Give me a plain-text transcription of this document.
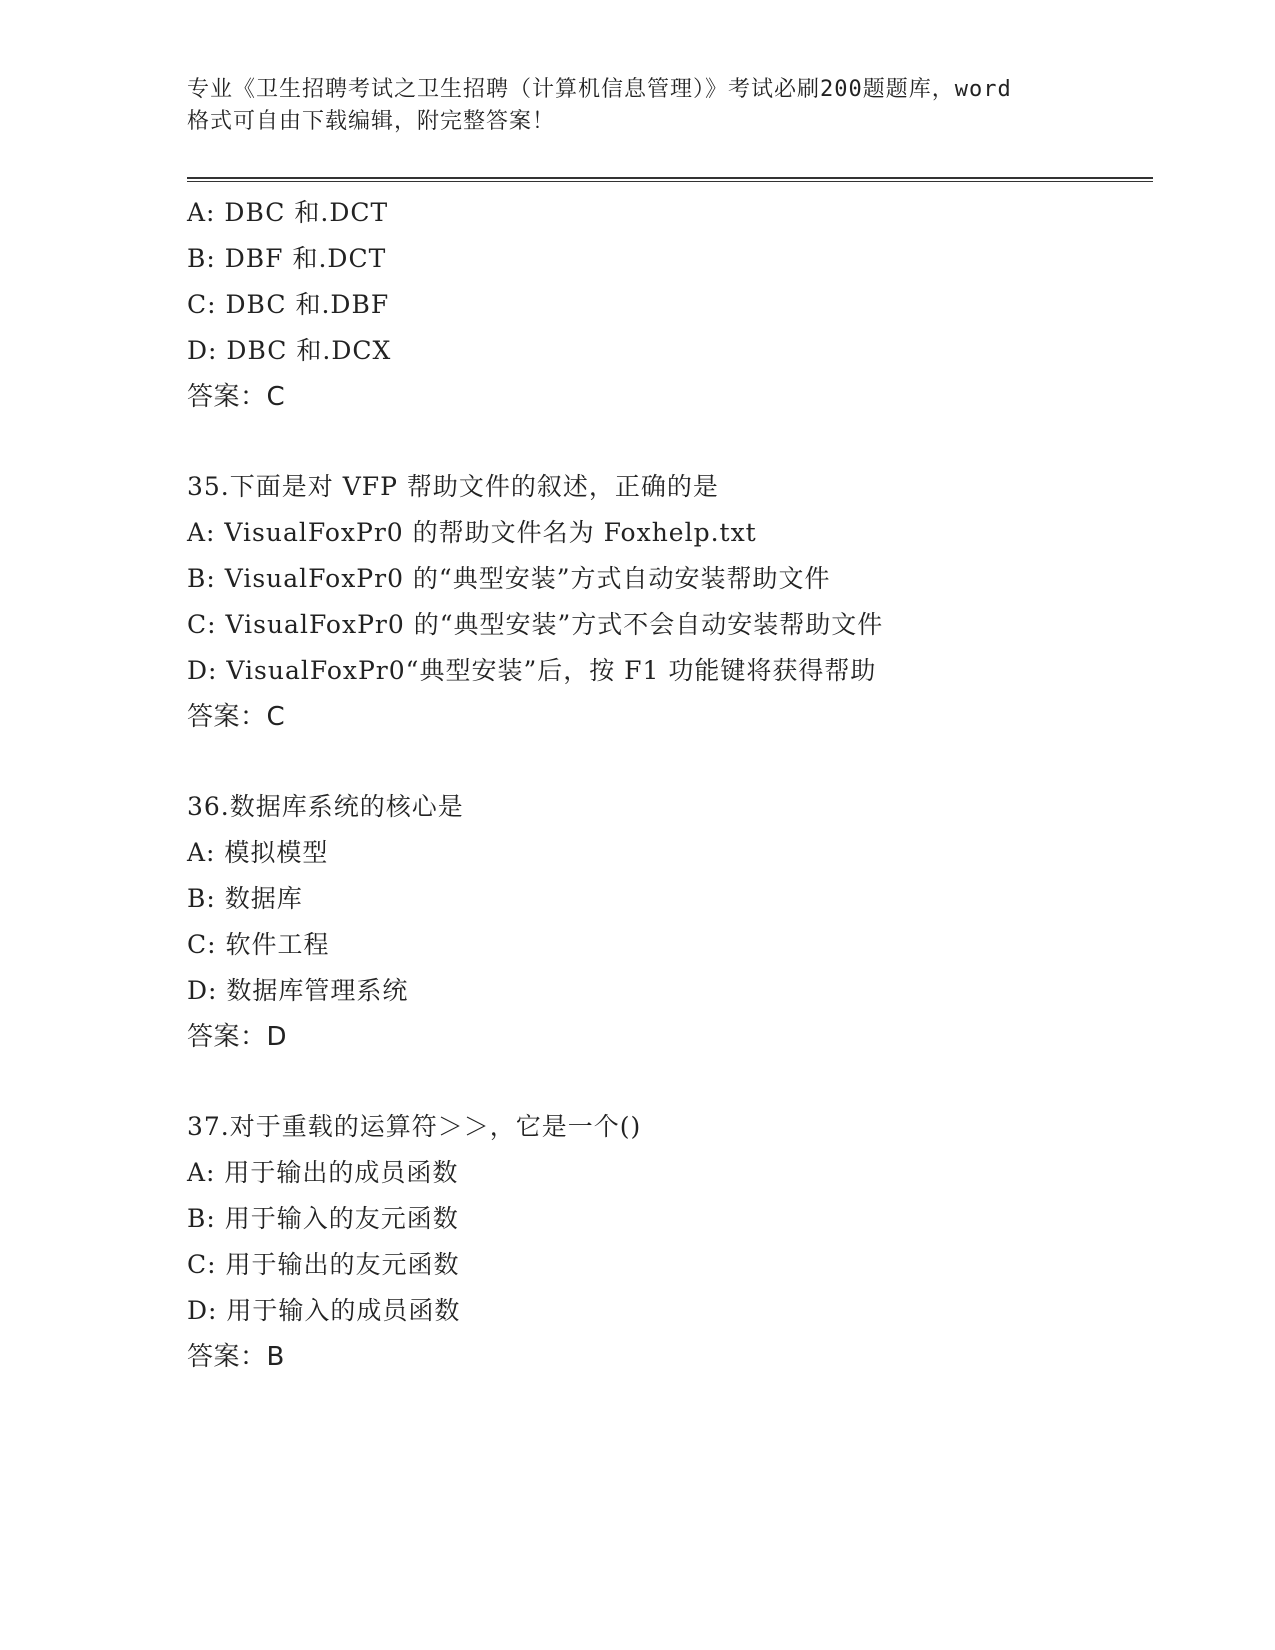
专业《卫生招聘考试之卫生招聘（计算机信息管理）》考试必刷200题题库，word
格式可自由下载编辑，附完整答案！
A: DBC 和.DCT
B: DBF 和.DCT
C: DBC 和.DBF
D: DBC 和.DCX
答案：C
35.下面是对 VFP 帮助文件的叙述，正确的是
A: VisualFoxPr0 的帮助文件名为 Foxhelp.txt
B: VisualFoxPr0 的“典型安装”方式自动安装帮助文件
C: VisualFoxPr0 的“典型安装”方式不会自动安装帮助文件
D: VisualFoxPr0“典型安装”后，按 F1 功能键将获得帮助
答案：C
36.数据库系统的核心是
A: 模拟模型
B: 数据库
C: 软件工程
D: 数据库管理系统
答案：D
37.对于重载的运算符＞＞，它是一个()
A: 用于输出的成员函数
B: 用于输入的友元函数
C: 用于输出的友元函数
D: 用于输入的成员函数
答案：B
